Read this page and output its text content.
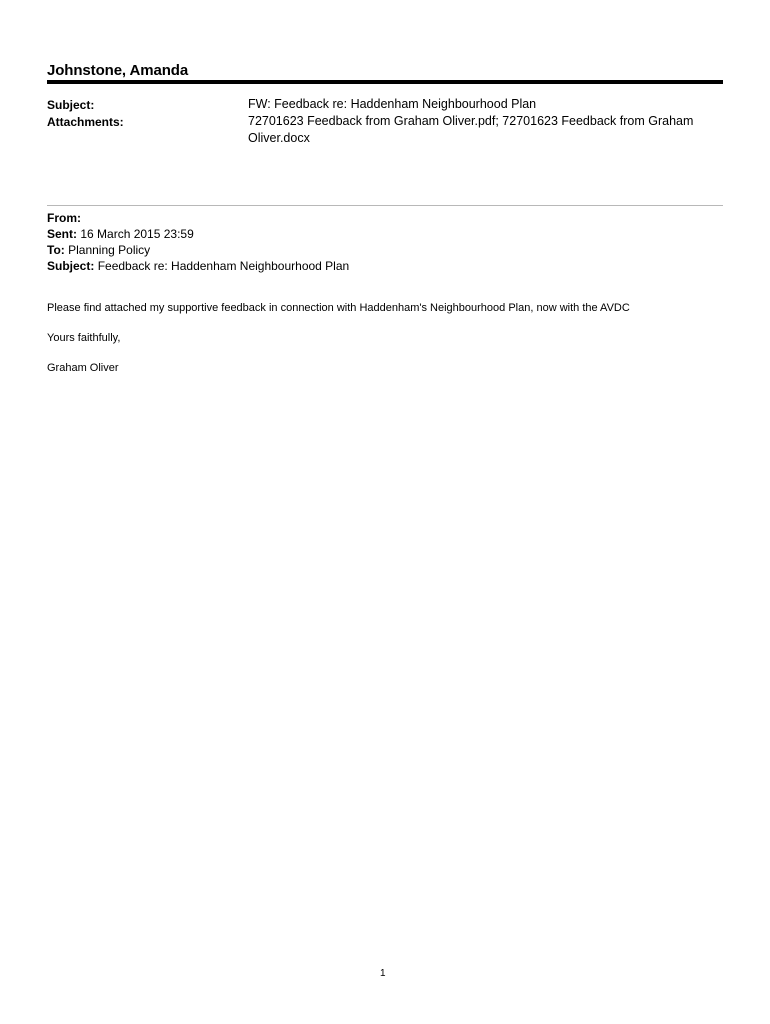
Johnstone, Amanda
Subject:	FW: Feedback re: Haddenham Neighbourhood Plan
Attachments:	72701623 Feedback from Graham Oliver.pdf; 72701623 Feedback from Graham Oliver.docx
From:
Sent: 16 March 2015 23:59
To: Planning Policy
Subject: Feedback re: Haddenham Neighbourhood Plan
Please find attached my supportive feedback in connection with Haddenham's Neighbourhood Plan, now with the AVDC
Yours faithfully,
Graham Oliver
1
